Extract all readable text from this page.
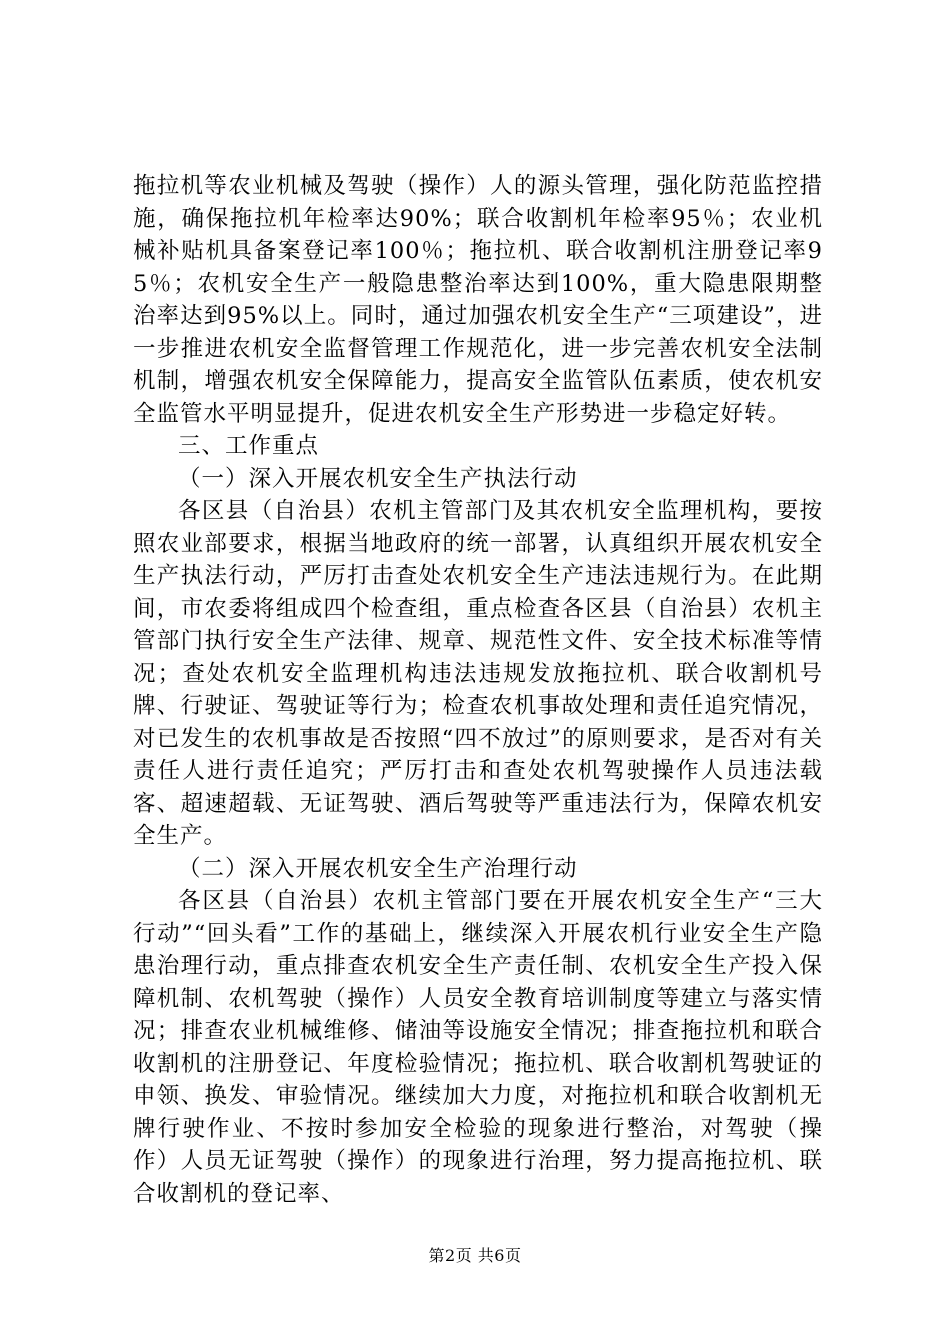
拖拉机等农业机械及驾驶（操作）人的源头管理，强化防范监控措施，确保拖拉机年检率达90%；联合收割机年检率95％；农业机械补贴机具备案登记率100％；拖拉机、联合收割机注册登记率95％；农机安全生产一般隐患整治率达到100%，重大隐患限期整治率达到95%以上。同时，通过加强农机安全生产“三项建设”，进一步推进农机安全监督管理工作规范化，进一步完善农机安全法制机制，增强农机安全保障能力，提高安全监管队伍素质，使农机安全监管水平明显提升，促进农机安全生产形势进一步稳定好转。

三、工作重点

（一）深入开展农机安全生产执法行动

各区县（自治县）农机主管部门及其农机安全监理机构，要按照农业部要求，根据当地政府的统一部署，认真组织开展农机安全生产执法行动，严厉打击查处农机安全生产违法违规行为。在此期间，市农委将组成四个检查组，重点检查各区县（自治县）农机主管部门执行安全生产法律、规章、规范性文件、安全技术标准等情况；查处农机安全监理机构违法违规发放拖拉机、联合收割机号牌、行驶证、驾驶证等行为；检查农机事故处理和责任追究情况，对已发生的农机事故是否按照“四不放过”的原则要求，是否对有关责任人进行责任追究；严厉打击和查处农机驾驶操作人员违法载客、超速超载、无证驾驶、酒后驾驶等严重违法行为，保障农机安全生产。

（二）深入开展农机安全生产治理行动

各区县（自治县）农机主管部门要在开展农机安全生产“三大行动”“回头看”工作的基础上，继续深入开展农机行业安全生产隐患治理行动，重点排查农机安全生产责任制、农机安全生产投入保障机制、农机驾驶（操作）人员安全教育培训制度等建立与落实情况；排查农业机械维修、储油等设施安全情况；排查拖拉机和联合收割机的注册登记、年度检验情况；拖拉机、联合收割机驾驶证的申领、换发、审验情况。继续加大力度，对拖拉机和联合收割机无牌行驶作业、不按时参加安全检验的现象进行整治，对驾驶（操作）人员无证驾驶（操作）的现象进行治理，努力提高拖拉机、联合收割机的登记率、

第2页 共6页
